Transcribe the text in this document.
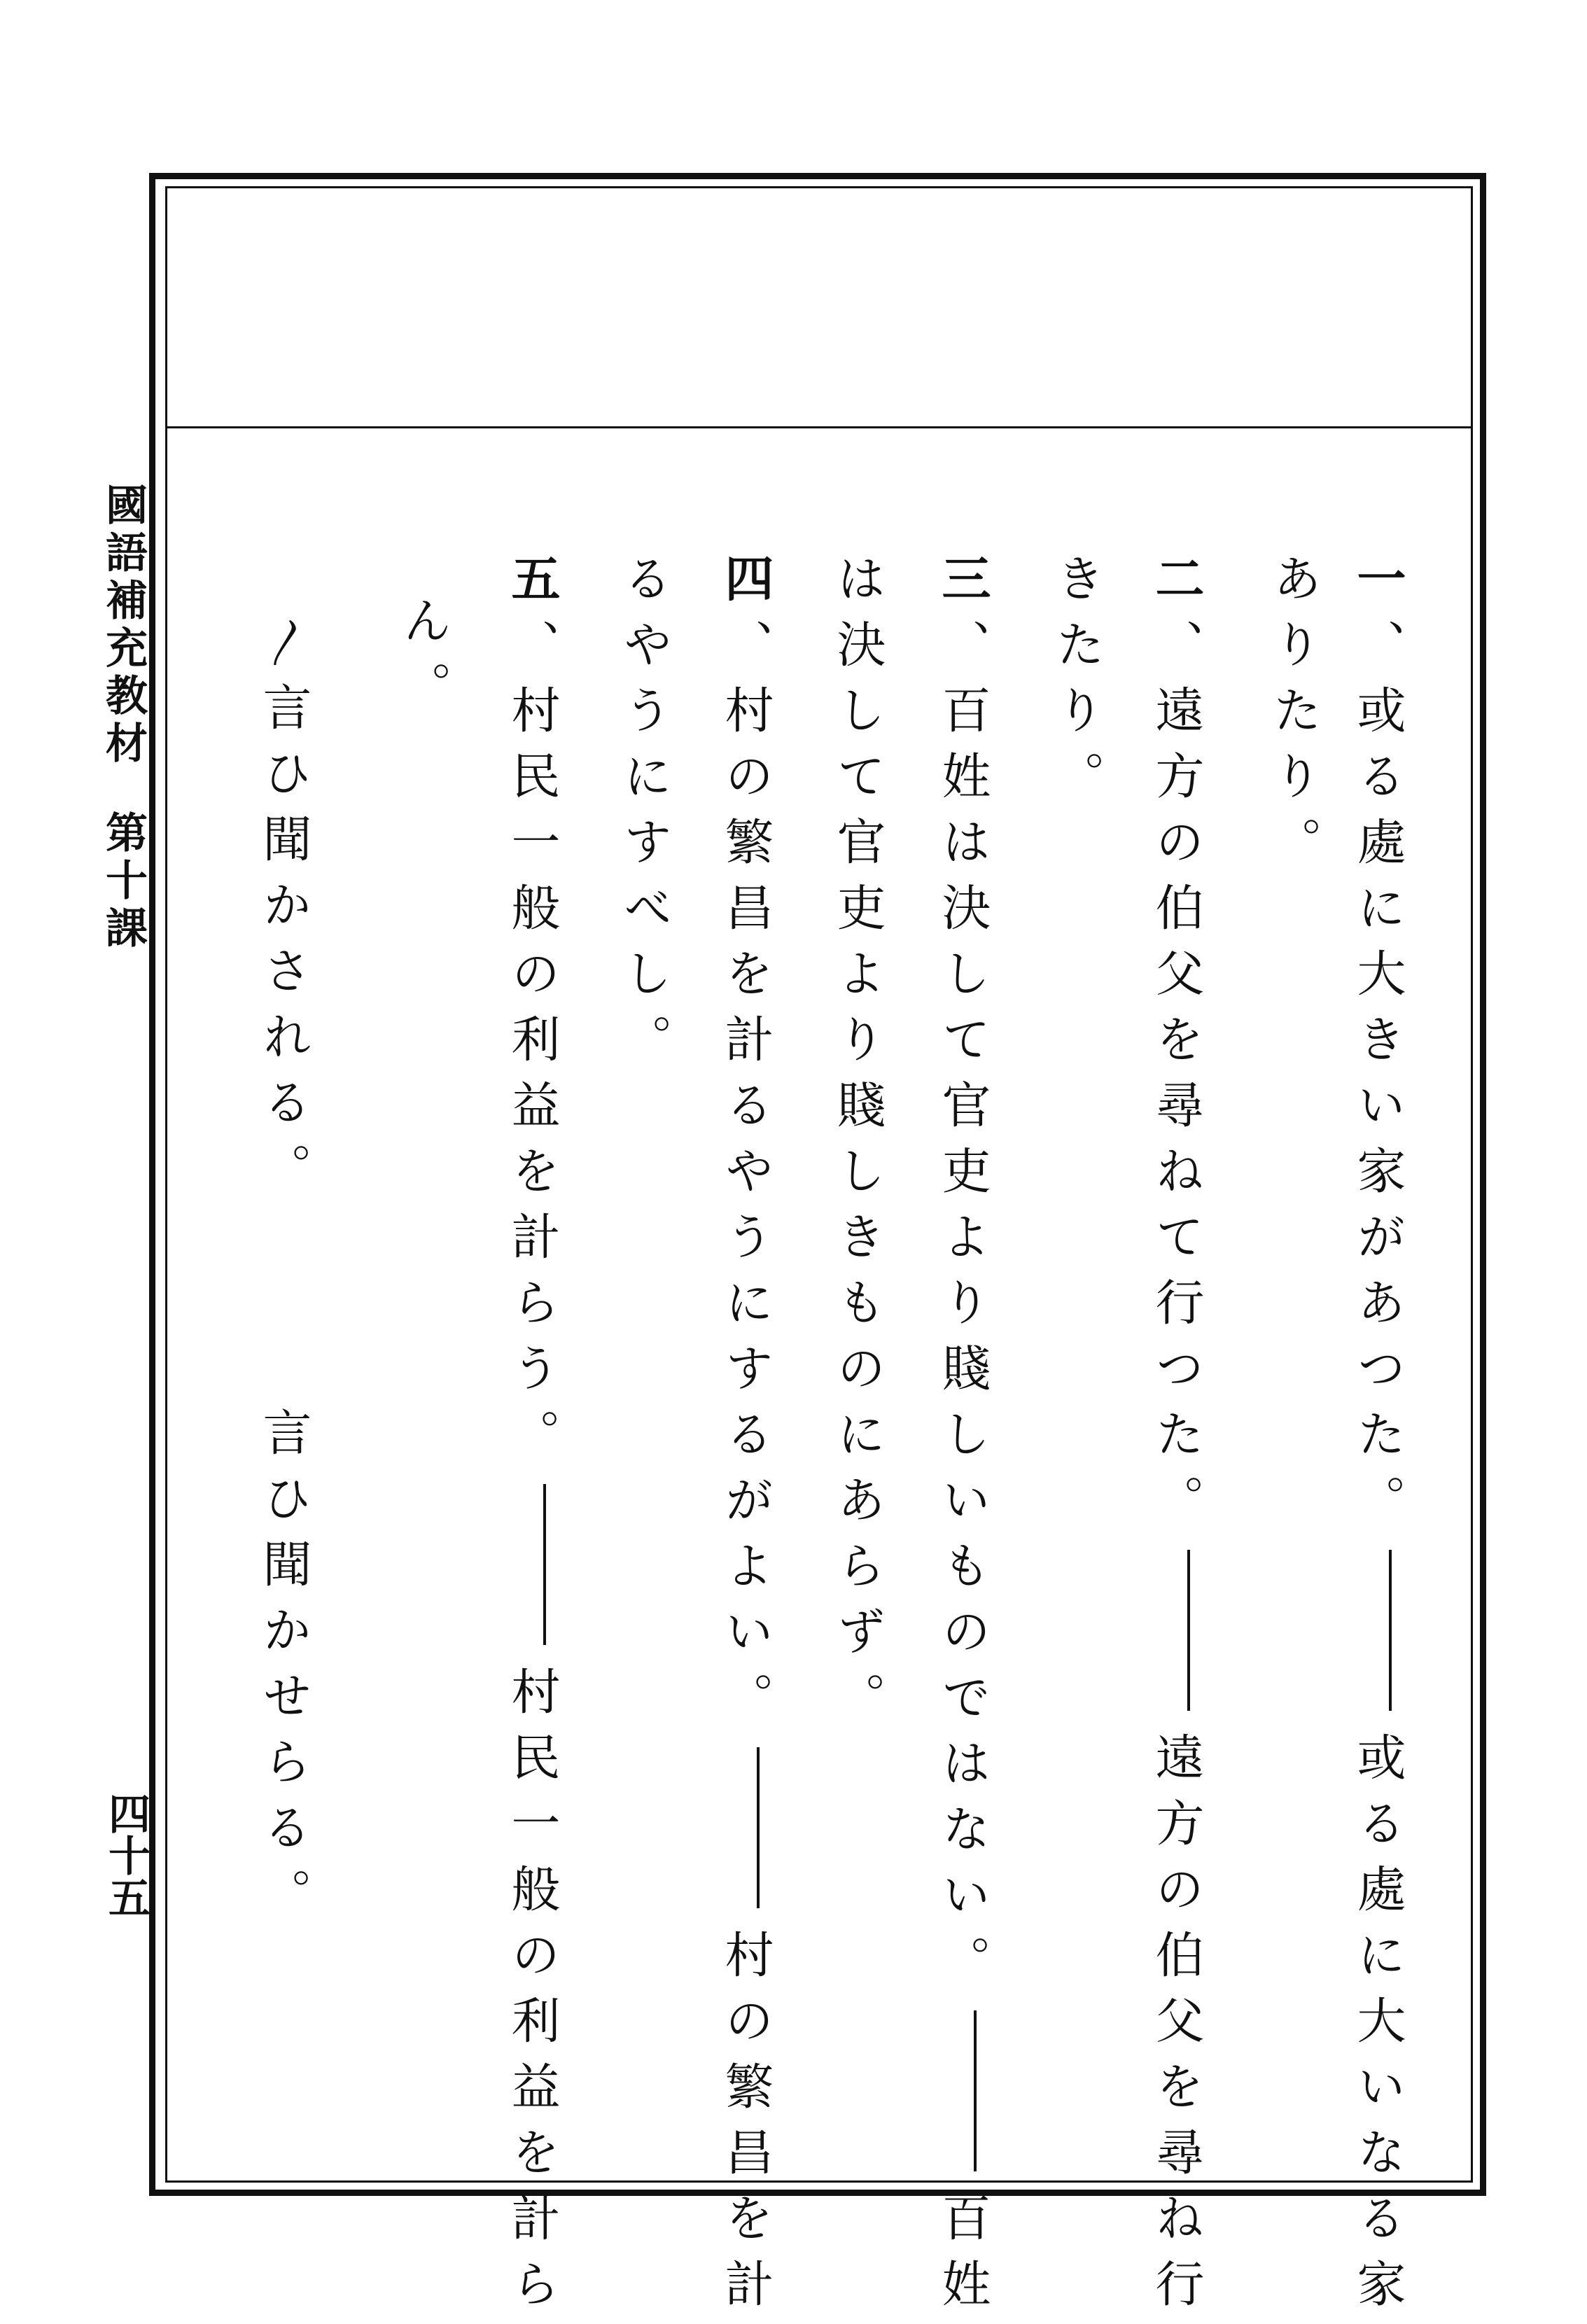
國語補充教材第十課
四十五
一、或る處に大きい家があつた。或る處に大いなる家
ありたり。
二、遠方の伯父を尋ねて行つた。遠方の伯父を尋ね行
きたり。
三、百姓は決して官吏より賤しいものではない。百姓
は決して官吏より賤しきものにあらず。
四、村の繁昌を計るやうにするがよい。村の繁昌を計
るやうにすべし。
五、村民一般の利益を計らう。村民一般の利益を計ら
ん。
〳言ひ聞かされる。
言ひ聞かせらる。
